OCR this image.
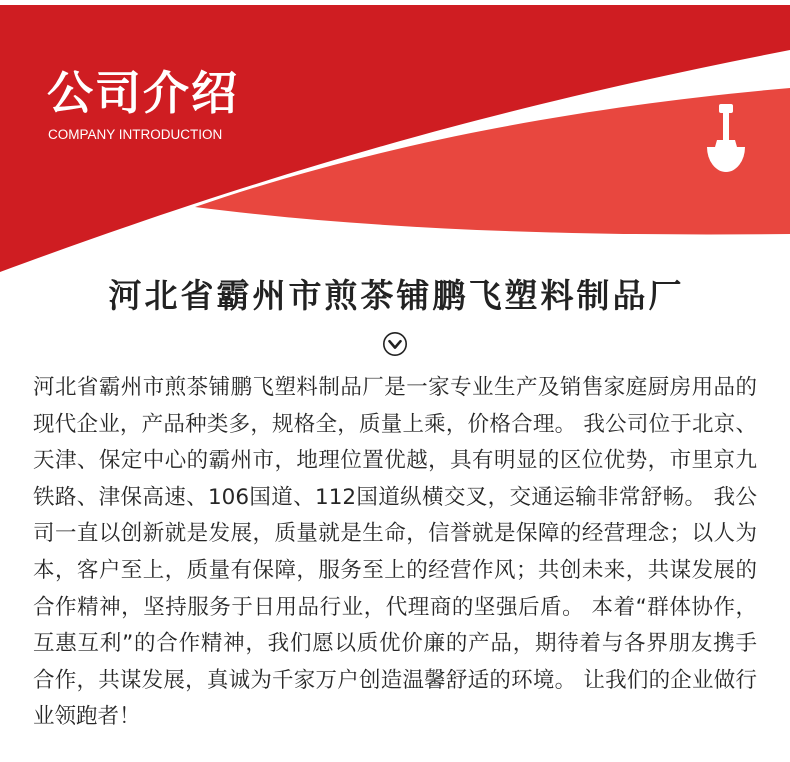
公司介绍
COMPANY INTRODUCTION
河北省霸州市煎茶铺鹏飞塑料制品厂
河北省霸州市煎茶铺鹏飞塑料制品厂是一家专业生产及销售家庭厨房用品的
现代企业，产品种类多，规格全，质量上乘，价格合理。 我公司位于北京、
天津、保定中心的霸州市，地理位置优越，具有明显的区位优势，市里京九
铁路、津保高速、106国道、112国道纵横交叉，交通运输非常舒畅。 我公
司一直以创新就是发展，质量就是生命，信誉就是保障的经营理念；以人为
本，客户至上，质量有保障，服务至上的经营作风；共创未来，共谋发展的
合作精神，坚持服务于日用品行业，代理商的坚强后盾。 本着“群体协作，
互惠互利”的合作精神，我们愿以质优价廉的产品，期待着与各界朋友携手
合作，共谋发展，真诚为千家万户创造温馨舒适的环境。 让我们的企业做行
业领跑者！
